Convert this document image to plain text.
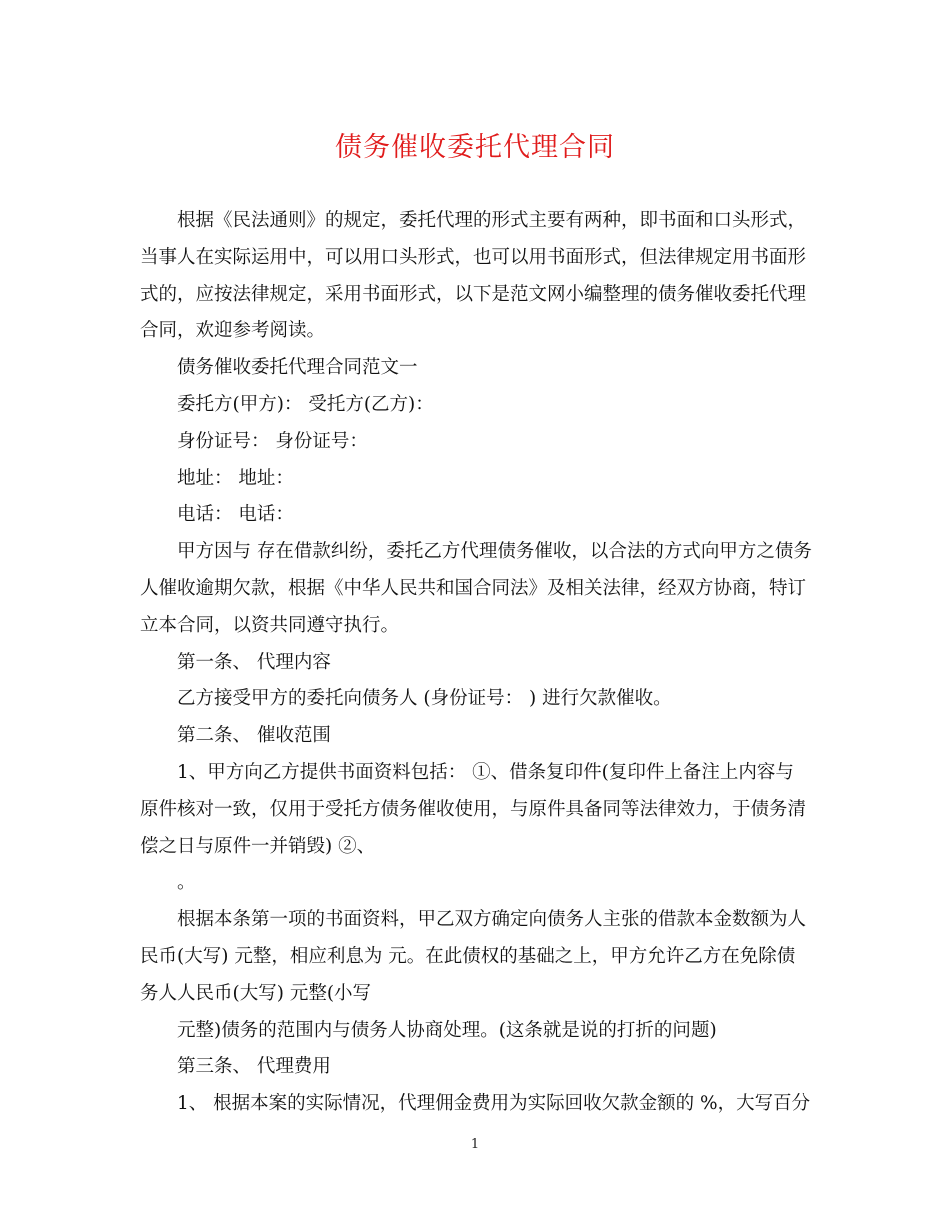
债务催收委托代理合同

根据《民法通则》的规定，委托代理的形式主要有两种，即书面和口头形式，当事人在实际运用中，可以用口头形式，也可以用书面形式，但法律规定用书面形式的，应按法律规定，采用书面形式，以下是范文网小编整理的债务催收委托代理合同，欢迎参考阅读。

债务催收委托代理合同范文一

委托方(甲方)： 受托方(乙方)：

身份证号： 身份证号：

地址： 地址：

电话： 电话：

甲方因与 存在借款纠纷，委托乙方代理债务催收，以合法的方式向甲方之债务人催收逾期欠款，根据《中华人民共和国合同法》及相关法律，经双方协商，特订立本合同，以资共同遵守执行。

第一条、 代理内容

乙方接受甲方的委托向债务人 (身份证号： ) 进行欠款催收。

第二条、 催收范围

1、甲方向乙方提供书面资料包括： ①、借条复印件(复印件上备注上内容与原件核对一致，仅用于受托方债务催收使用，与原件具备同等法律效力，于债务清偿之日与原件一并销毁) ②、

。

根据本条第一项的书面资料，甲乙双方确定向债务人主张的借款本金数额为人民币(大写) 元整，相应利息为 元。在此债权的基础之上，甲方允许乙方在免除债务人人民币(大写) 元整(小写

元整)债务的范围内与债务人协商处理。(这条就是说的打折的问题)

第三条、 代理费用

1、 根据本案的实际情况，代理佣金费用为实际回收欠款金额的 %，大写百分

1
